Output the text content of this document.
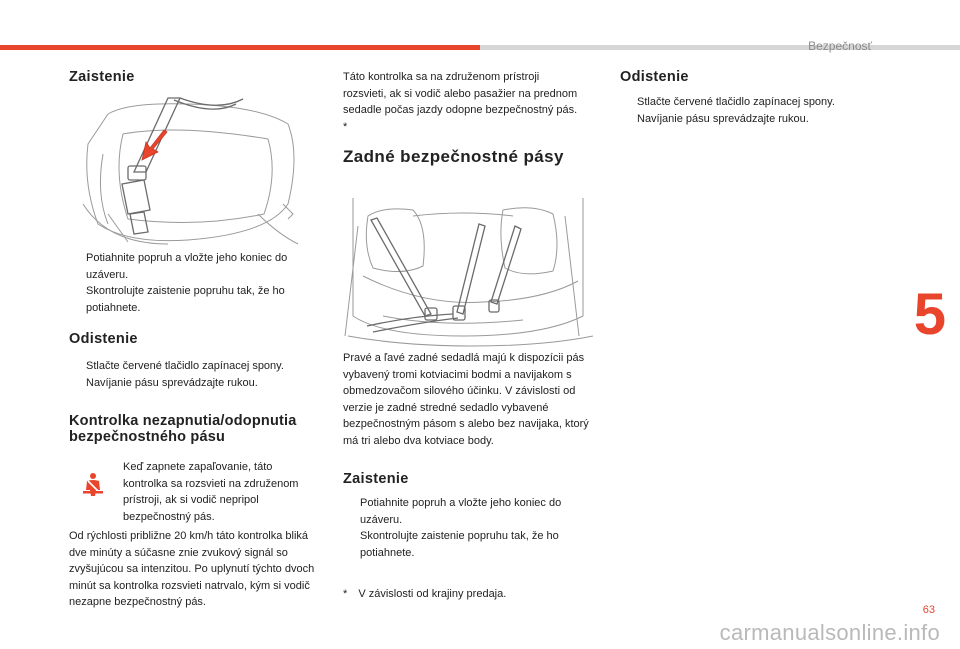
Bezpečnosť
5
Zaistenie
Potiahnite popruh a vložte jeho koniec do uzáveru.
Skontrolujte zaistenie popruhu tak, že ho potiahnete.
Odistenie
Stlačte červené tlačidlo zapínacej spony.
Navíjanie pásu sprevádzajte rukou.
Kontrolka nezapnutia/odopnutia
bezpečnostného pásu

Keď zapnete zapaľovanie, táto kontrolka sa rozsvieti na združenom prístroji, ak si vodič nepripol bezpečnostný pás.

Od rýchlosti približne 20 km/h táto kontrolka bliká dve minúty a súčasne znie zvukový signál so zvyšujúcou sa intenzitou. Po uplynutí týchto dvoch minút sa kontrolka rozsvieti natrvalo, kým si vodič nezapne bezpečnostný pás.

Táto kontrolka sa na združenom prístroji rozsvieti, ak si vodič alebo pasažier na prednom sedadle počas jazdy odopne bezpečnostný pás. *

Zadné bezpečnostné pásy

Pravé a ľavé zadné sedadlá majú k dispozícii pás vybavený tromi kotviacimi bodmi a navijakom s obmedzovačom silového účinku. V závislosti od verzie je zadné stredné sedadlo vybavené bezpečnostným pásom s alebo bez navijaka, ktorý má tri alebo dva kotviace body.

Zaistenie
Potiahnite popruh a vložte jeho koniec do uzáveru.
Skontrolujte zaistenie popruhu tak, že ho potiahnete.
* V závislosti od krajiny predaja.
Odistenie
Stlačte červené tlačidlo zapínacej spony.
Navíjanie pásu sprevádzajte rukou.
63
carmanualsonline.info
